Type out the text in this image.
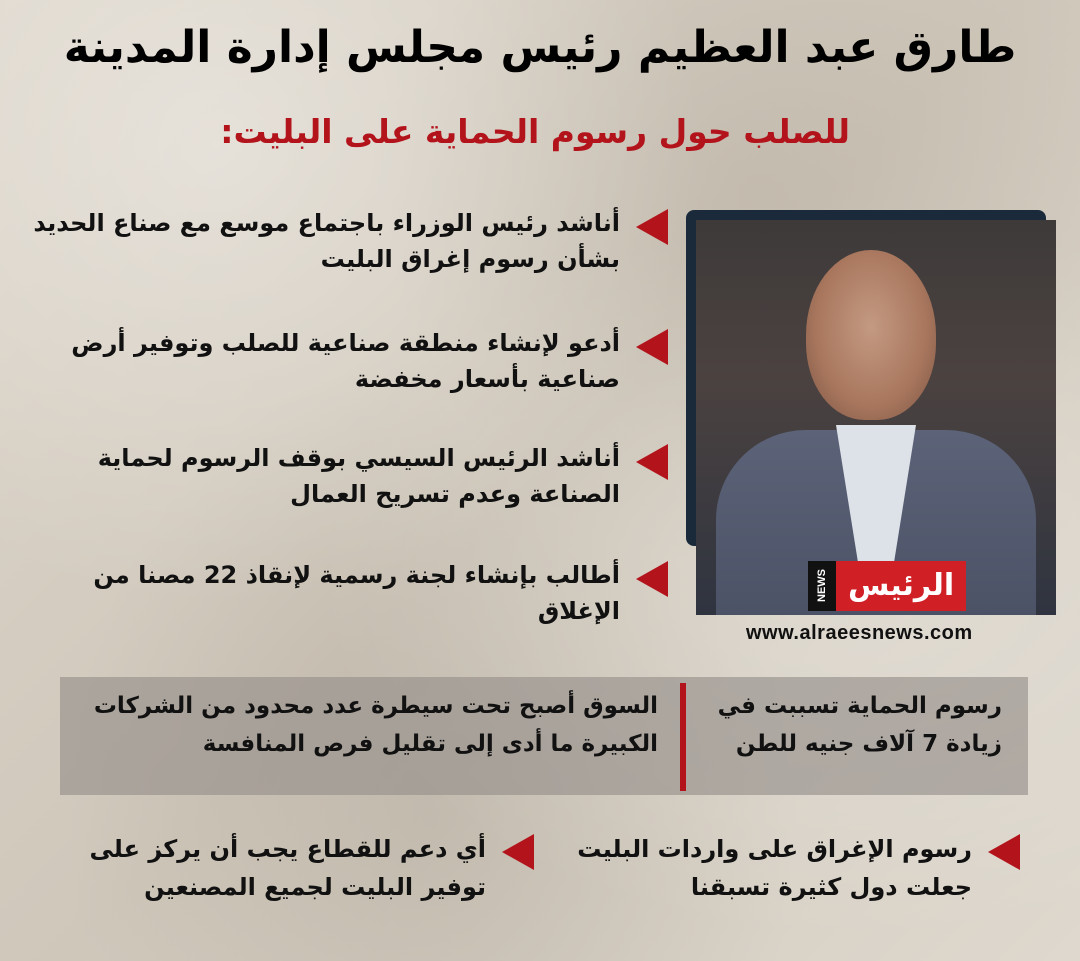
طارق عبد العظيم رئيس مجلس إدارة المدينة
للصلب حول رسوم الحماية على البليت:
أناشد رئيس الوزراء باجتماع موسع مع صناع الحديد بشأن رسوم إغراق البليت
أدعو لإنشاء منطقة صناعية للصلب وتوفير أرض صناعية بأسعار مخفضة
أناشد الرئيس السيسي بوقف الرسوم لحماية الصناعة وعدم تسريح العمال
أطالب بإنشاء لجنة رسمية لإنقاذ 22 مصنا من الإغلاق
NEWS الرئيس
www.alraeesnews.com
السوق أصبح تحت سيطرة عدد محدود من الشركات الكبيرة ما أدى إلى تقليل فرص المنافسة
رسوم الحماية تسببت في زيادة 7 آلاف جنيه للطن
رسوم الإغراق على واردات البليت جعلت دول كثيرة تسبقنا
أي دعم للقطاع يجب أن يركز على توفير البليت لجميع المصنعين
